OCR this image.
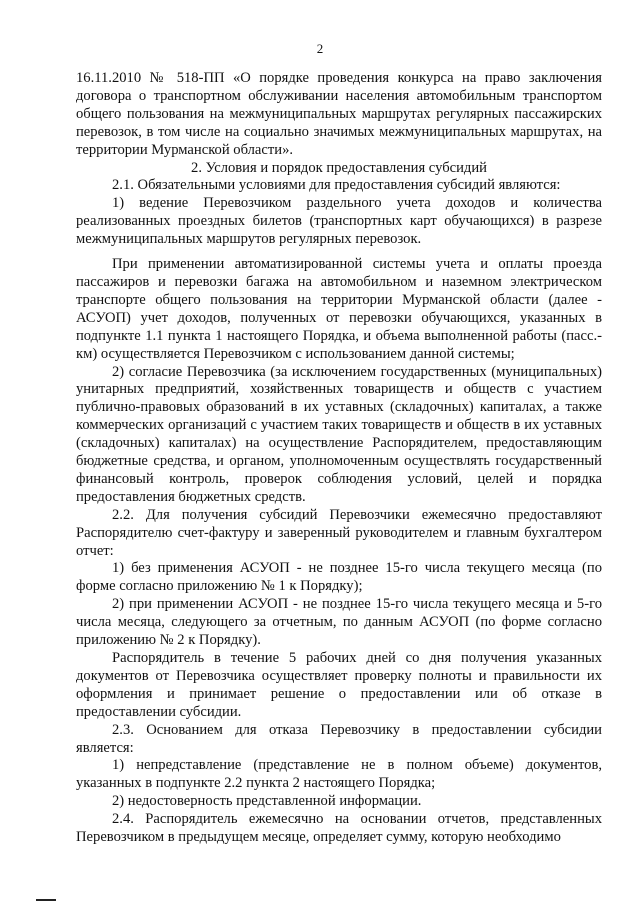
2

16.11.2010 № 518-ПП «О порядке проведения конкурса на право заключения договора о транспортном обслуживании населения автомобильным транспортом общего пользования на межмуниципальных маршрутах регулярных пассажирских перевозок, в том числе на социально значимых межмуниципальных маршрутах, на территории Мурманской области».

2. Условия и порядок предоставления субсидий

2.1. Обязательными условиями для предоставления субсидий являются:

1) ведение Перевозчиком раздельного учета доходов и количества реализованных проездных билетов (транспортных карт обучающихся) в разрезе межмуниципальных маршрутов регулярных перевозок.

При применении автоматизированной системы учета и оплаты проезда пассажиров и перевозки багажа на автомобильном и наземном электрическом транспорте общего пользования на территории Мурманской области (далее - АСУОП) учет доходов, полученных от перевозки обучающихся, указанных в подпункте 1.1 пункта 1 настоящего Порядка, и объема выполненной работы (пасс.-км) осуществляется Перевозчиком с использованием данной системы;

2) согласие Перевозчика (за исключением государственных (муниципальных) унитарных предприятий, хозяйственных товариществ и обществ с участием публично-правовых образований в их уставных (складочных) капиталах, а также коммерческих организаций с участием таких товариществ и обществ в их уставных (складочных) капиталах) на осуществление Распорядителем, предоставляющим бюджетные средства, и органом, уполномоченным осуществлять государственный финансовый контроль, проверок соблюдения условий, целей и порядка предоставления бюджетных средств.

2.2. Для получения субсидий Перевозчики ежемесячно предоставляют Распорядителю счет-фактуру и заверенный руководителем и главным бухгалтером отчет:

1) без применения АСУОП - не позднее 15-го числа текущего месяца (по форме согласно приложению № 1 к Порядку);

2) при применении АСУОП - не позднее 15-го числа текущего месяца и 5-го числа месяца, следующего за отчетным, по данным АСУОП (по форме согласно приложению № 2 к Порядку).

Распорядитель в течение 5 рабочих дней со дня получения указанных документов от Перевозчика осуществляет проверку полноты и правильности их оформления и принимает решение о предоставлении или об отказе в предоставлении субсидии.

2.3. Основанием для отказа Перевозчику в предоставлении субсидии является:

1) непредставление (представление не в полном объеме) документов, указанных в подпункте 2.2 пункта 2 настоящего Порядка;

2) недостоверность представленной информации.

2.4. Распорядитель ежемесячно на основании отчетов, представленных Перевозчиком в предыдущем месяце, определяет сумму, которую необходимо
